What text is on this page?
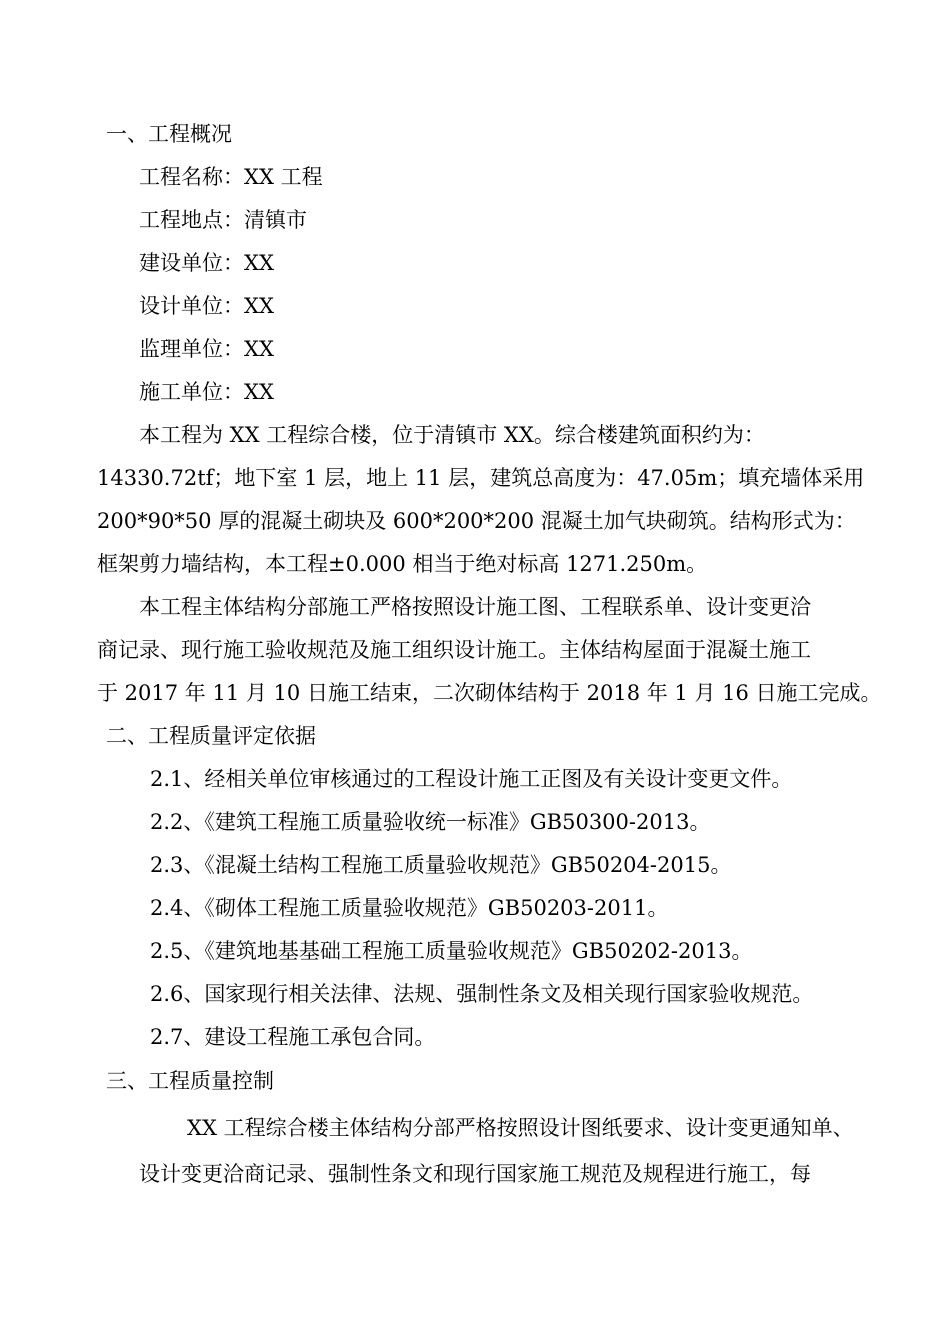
一、工程概况
工程名称：XX 工程
工程地点：清镇市
建设单位：XX
设计单位：XX
监理单位：XX
施工单位：XX
本工程为 XX 工程综合楼，位于清镇市 XX。综合楼建筑面积约为：
14330.72tf；地下室 1 层，地上 11 层，建筑总高度为：47.05m；填充墙体采用
200*90*50 厚的混凝土砌块及 600*200*200 混凝土加气块砌筑。结构形式为：
框架剪力墙结构，本工程±0.000 相当于绝对标高 1271.250m。
本工程主体结构分部施工严格按照设计施工图、工程联系单、设计变更洽
商记录、现行施工验收规范及施工组织设计施工。主体结构屋面于混凝土施工
于 2017 年 11 月 10 日施工结束，二次砌体结构于 2018 年 1 月 16 日施工完成。
二、工程质量评定依据
2.1、经相关单位审核通过的工程设计施工正图及有关设计变更文件。
2.2、《建筑工程施工质量验收统一标准》GB50300-2013。
2.3、《混凝土结构工程施工质量验收规范》GB50204-2015。
2.4、《砌体工程施工质量验收规范》GB50203-2011。
2.5、《建筑地基基础工程施工质量验收规范》GB50202-2013。
2.6、国家现行相关法律、法规、强制性条文及相关现行国家验收规范。
2.7、建设工程施工承包合同。
三、工程质量控制
XX 工程综合楼主体结构分部严格按照设计图纸要求、设计变更通知单、
设计变更洽商记录、强制性条文和现行国家施工规范及规程进行施工，每
